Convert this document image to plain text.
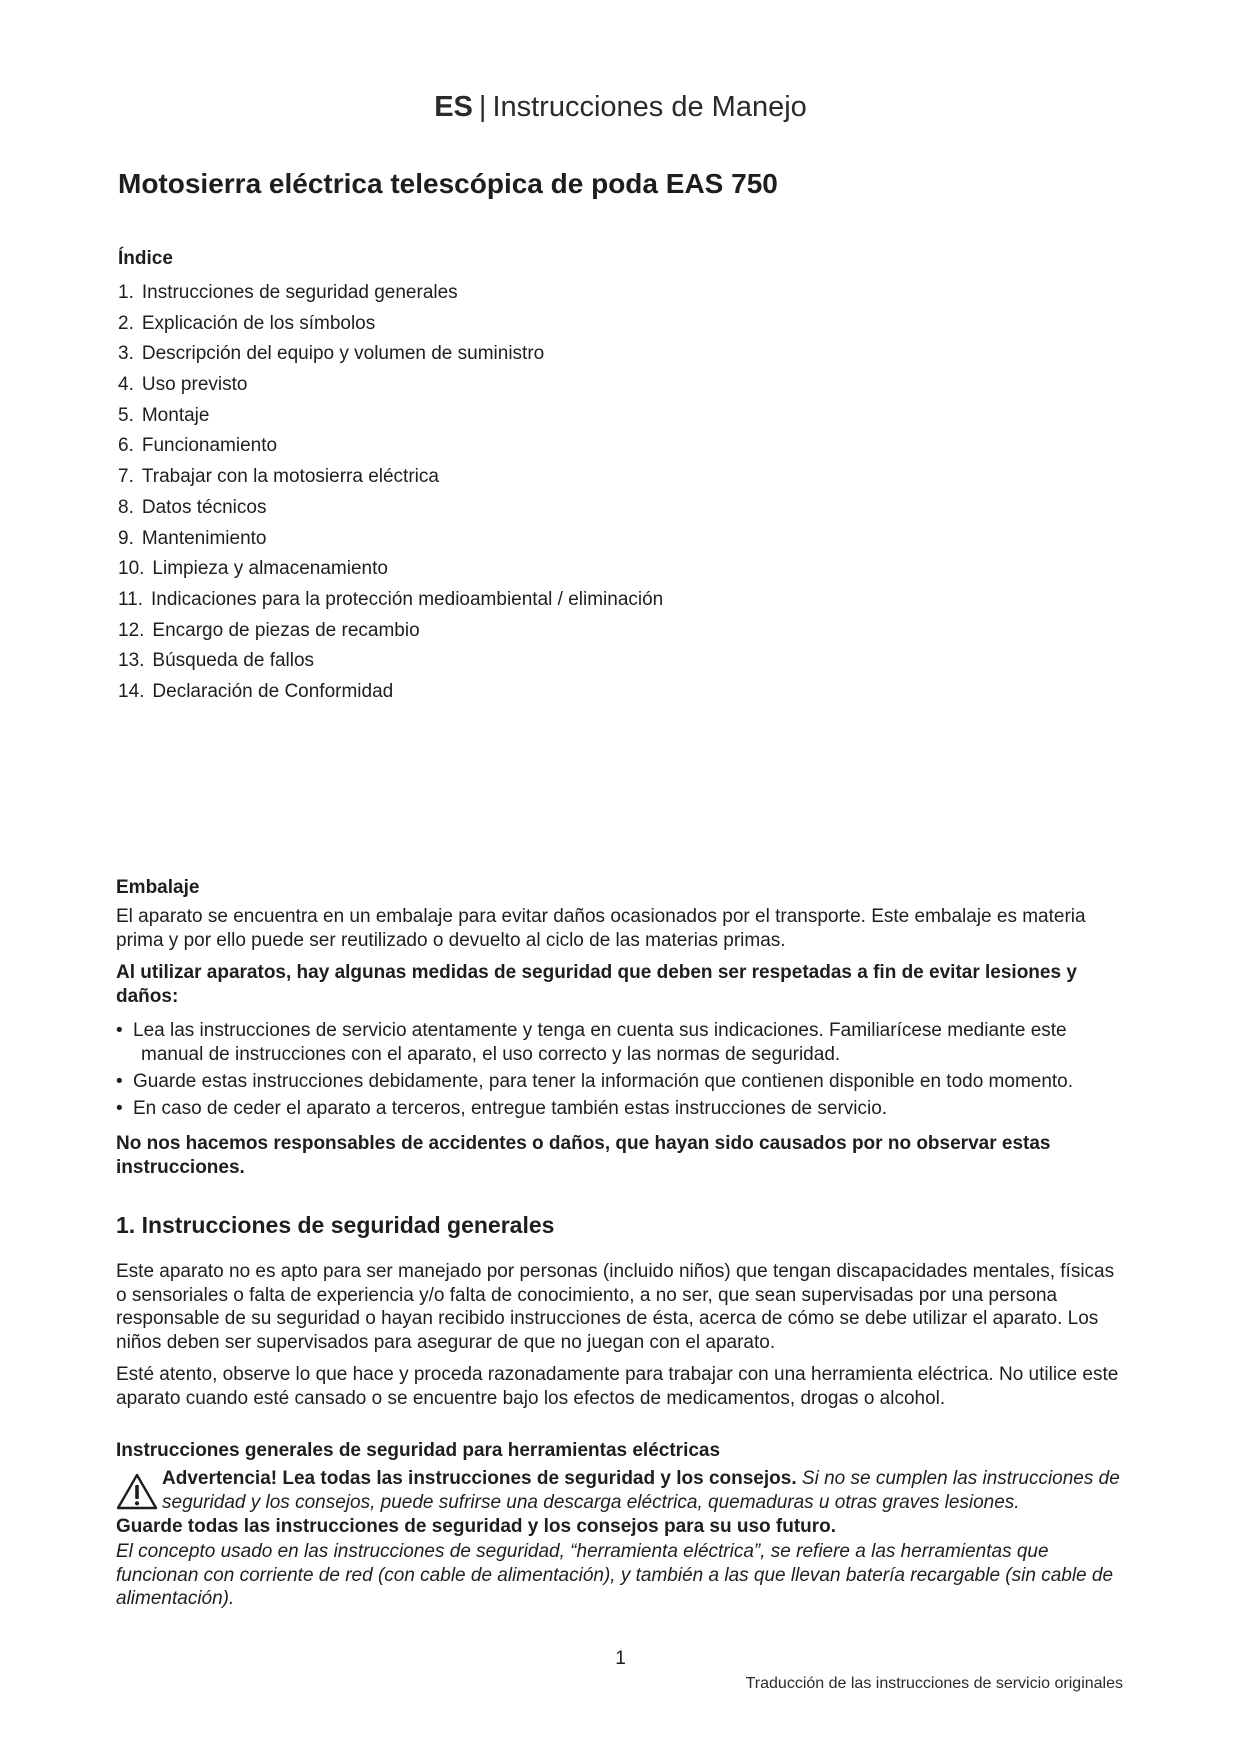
ES | Instrucciones de Manejo
Motosierra eléctrica telescópica de poda EAS 750
Índice
1. Instrucciones de seguridad generales
2. Explicación de los símbolos
3. Descripción del equipo y volumen de suministro
4. Uso previsto
5. Montaje
6. Funcionamiento
7. Trabajar con la motosierra eléctrica
8. Datos técnicos
9. Mantenimiento
10. Limpieza y almacenamiento
11. Indicaciones para la protección medioambiental / eliminación
12. Encargo de piezas de recambio
13. Búsqueda de fallos
14. Declaración de Conformidad
Embalaje

El aparato se encuentra en un embalaje para evitar daños ocasionados por el transporte. Este embalaje es materia prima y por ello puede ser reutilizado o devuelto al ciclo de las materias primas.

Al utilizar aparatos, hay algunas medidas de seguridad que deben ser respetadas a fin de evitar lesiones y daños:

• Lea las instrucciones de servicio atentamente y tenga en cuenta sus indicaciones. Familiarícese mediante este manual de instrucciones con el aparato, el uso correcto y las normas de seguridad.
• Guarde estas instrucciones debidamente, para tener la información que contienen disponible en todo momento.
• En caso de ceder el aparato a terceros, entregue también estas instrucciones de servicio.

No nos hacemos responsables de accidentes o daños, que hayan sido causados por no observar estas instrucciones.

1. Instrucciones de seguridad generales

Este aparato no es apto para ser manejado por personas (incluido niños) que tengan discapacidades mentales, físicas o sensoriales o falta de experiencia y/o falta de conocimiento, a no ser, que sean supervisadas por una persona responsable de su seguridad o hayan recibido instrucciones de ésta, acerca de cómo se debe utilizar el aparato. Los niños deben ser supervisados para asegurar de que no juegan con el aparato.

Esté atento, observe lo que hace y proceda razonadamente para trabajar con una herramienta eléctrica. No utilice este aparato cuando esté cansado o se encuentre bajo los efectos de medicamentos, drogas o alcohol.

Instrucciones generales de seguridad para herramientas eléctricas
Advertencia! Lea todas las instrucciones de seguridad y los consejos. Si no se cumplen las instrucciones de seguridad y los consejos, puede sufrirse una descarga eléctrica, quemaduras u otras graves lesiones.

Guarde todas las instrucciones de seguridad y los consejos para su uso futuro.

El concepto usado en las instrucciones de seguridad, “herramienta eléctrica”, se refiere a las herramientas que funcionan con corriente de red (con cable de alimentación), y también a las que llevan batería recargable (sin cable de alimentación).

1
Traducción de las instrucciones de servicio originales
